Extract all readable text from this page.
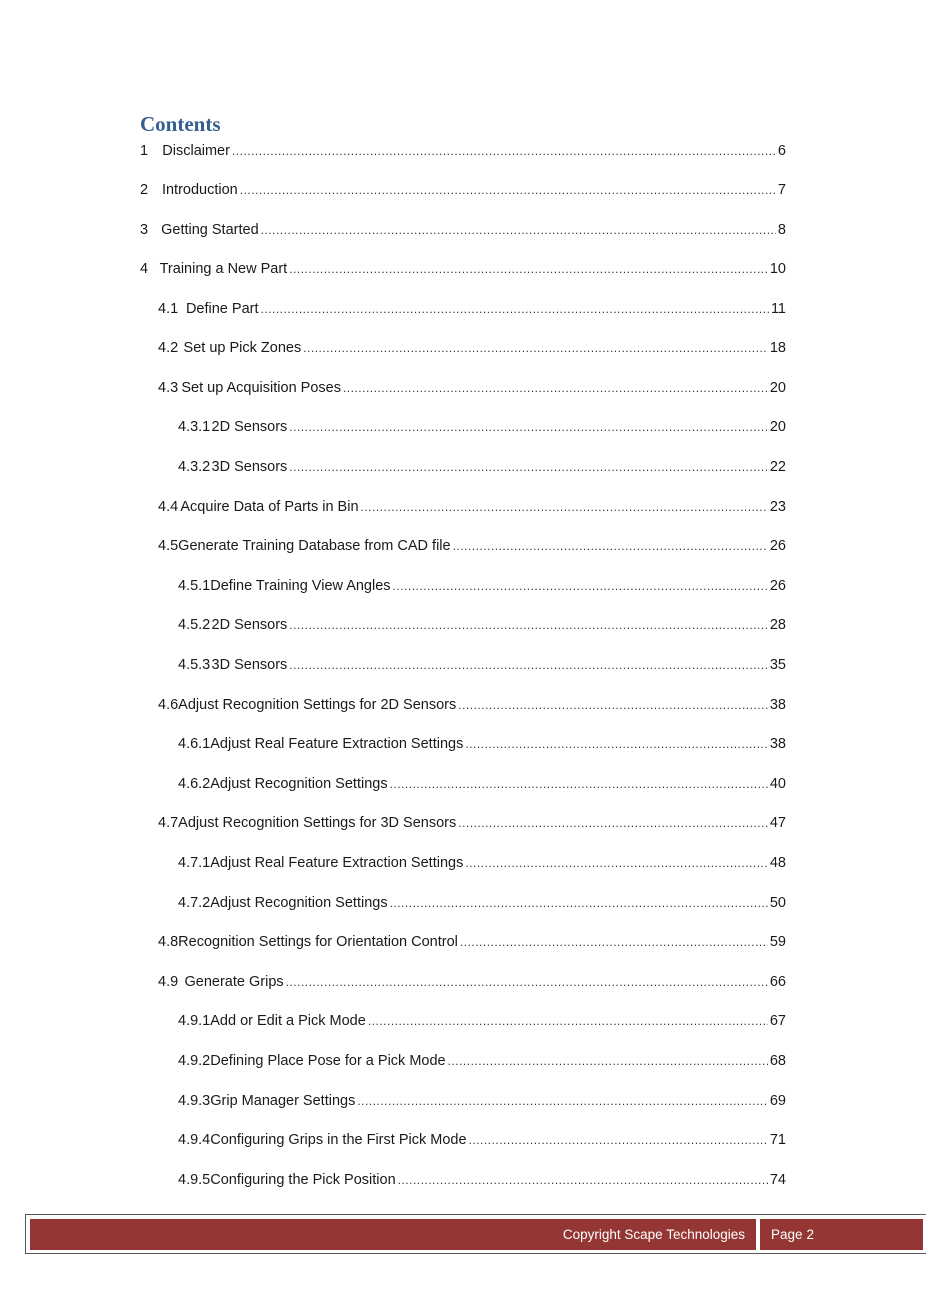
Contents
1 Disclaimer .....	6
2 Introduction .....	7
3 Getting Started .....	8
4 Training a New Part .....	10
4.1 Define Part .....	11
4.2 Set up Pick Zones .....	18
4.3 Set up Acquisition Poses .....	20
4.3.1 2D Sensors .....	20
4.3.2 3D Sensors .....	22
4.4 Acquire Data of Parts in Bin .....	23
4.5 Generate Training Database from CAD file .....	26
4.5.1 Define Training View Angles .....	26
4.5.2 2D Sensors .....	28
4.5.3 3D Sensors .....	35
4.6 Adjust Recognition Settings for 2D Sensors .....	38
4.6.1 Adjust Real Feature Extraction Settings .....	38
4.6.2 Adjust Recognition Settings .....	40
4.7 Adjust Recognition Settings for 3D Sensors .....	47
4.7.1 Adjust Real Feature Extraction Settings .....	48
4.7.2 Adjust Recognition Settings .....	50
4.8 Recognition Settings for Orientation Control .....	59
4.9 Generate Grips .....	66
4.9.1 Add or Edit a Pick Mode .....	67
4.9.2 Defining Place Pose for a Pick Mode .....	68
4.9.3 Grip Manager Settings .....	69
4.9.4 Configuring Grips in the First Pick Mode .....	71
4.9.5 Configuring the Pick Position .....	74
Copyright Scape Technologies Page 2
